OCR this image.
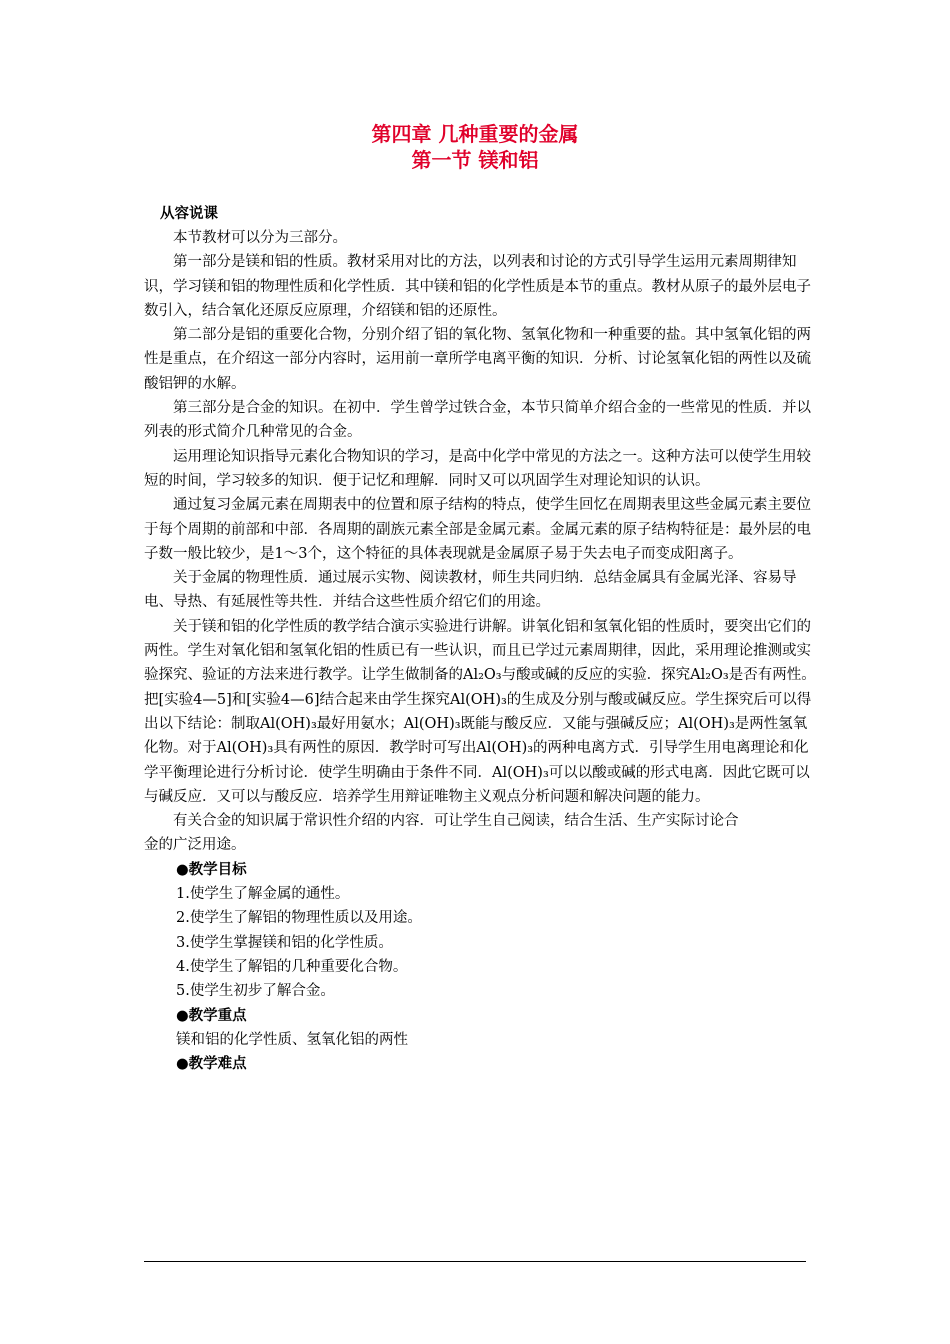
第四章 几种重要的金属
第一节 镁和铝
从容说课

本节教材可以分为三部分。

第一部分是镁和铝的性质。教材采用对比的方法，以列表和讨论的方式引导学生运用元素周期律知识，学习镁和铝的物理性质和化学性质．其中镁和铝的化学性质是本节的重点。教材从原子的最外层电子数引入，结合氧化还原反应原理，介绍镁和铝的还原性。

第二部分是铝的重要化合物，分别介绍了铝的氧化物、氢氧化物和一种重要的盐。其中氢氧化铝的两性是重点，在介绍这一部分内容时，运用前一章所学电离平衡的知识．分析、讨论氢氧化铝的两性以及硫酸铝钾的水解。

第三部分是合金的知识。在初中．学生曾学过铁合金，本节只简单介绍合金的一些常见的性质．并以列表的形式简介几种常见的合金。

运用理论知识指导元素化合物知识的学习，是高中化学中常见的方法之一。这种方法可以使学生用较短的时间，学习较多的知识．便于记忆和理解．同时又可以巩固学生对理论知识的认识。

通过复习金属元素在周期表中的位置和原子结构的特点，使学生回忆在周期表里这些金属元素主要位于每个周期的前部和中部．各周期的副族元素全部是金属元素。金属元素的原子结构特征是：最外层的电子数一般比较少，是1～3个，这个特征的具体表现就是金属原子易于失去电子而变成阳离子。

关于金属的物理性质．通过展示实物、阅读教材，师生共同归纳．总结金属具有金属光泽、容易导电、导热、有延展性等共性．并结合这些性质介绍它们的用途。

关于镁和铝的化学性质的教学结合演示实验进行讲解。讲氧化铝和氢氧化铝的性质时，要突出它们的两性。学生对氧化铝和氢氧化铝的性质已有一些认识，而且已学过元素周期律，因此，采用理论推测或实验探究、验证的方法来进行教学。让学生做制备的Al₂O₃与酸或碱的反应的实验．探究Al₂O₃是否有两性。把[实验4—5]和[实验4—6]结合起来由学生探究Al(OH)₃的生成及分别与酸或碱反应。学生探究后可以得出以下结论：制取Al(OH)₃最好用氨水；Al(OH)₃既能与酸反应．又能与强碱反应；Al(OH)₃是两性氢氧化物。对于Al(OH)₃具有两性的原因．教学时可写出Al(OH)₃的两种电离方式．引导学生用电离理论和化学平衡理论进行分析讨论．使学生明确由于条件不同．Al(OH)₃可以以酸或碱的形式电离．因此它既可以与碱反应．又可以与酸反应．培养学生用辩证唯物主义观点分析问题和解决问题的能力。

有关合金的知识属于常识性介绍的内容．可让学生自己阅读，结合生活、生产实际讨论合

金的广泛用途。

●教学目标

1.使学生了解金属的通性。

2.使学生了解铝的物理性质以及用途。

3.使学生掌握镁和铝的化学性质。

4.使学生了解铝的几种重要化合物。

5.使学生初步了解合金。

●教学重点

镁和铝的化学性质、氢氧化铝的两性

●教学难点
